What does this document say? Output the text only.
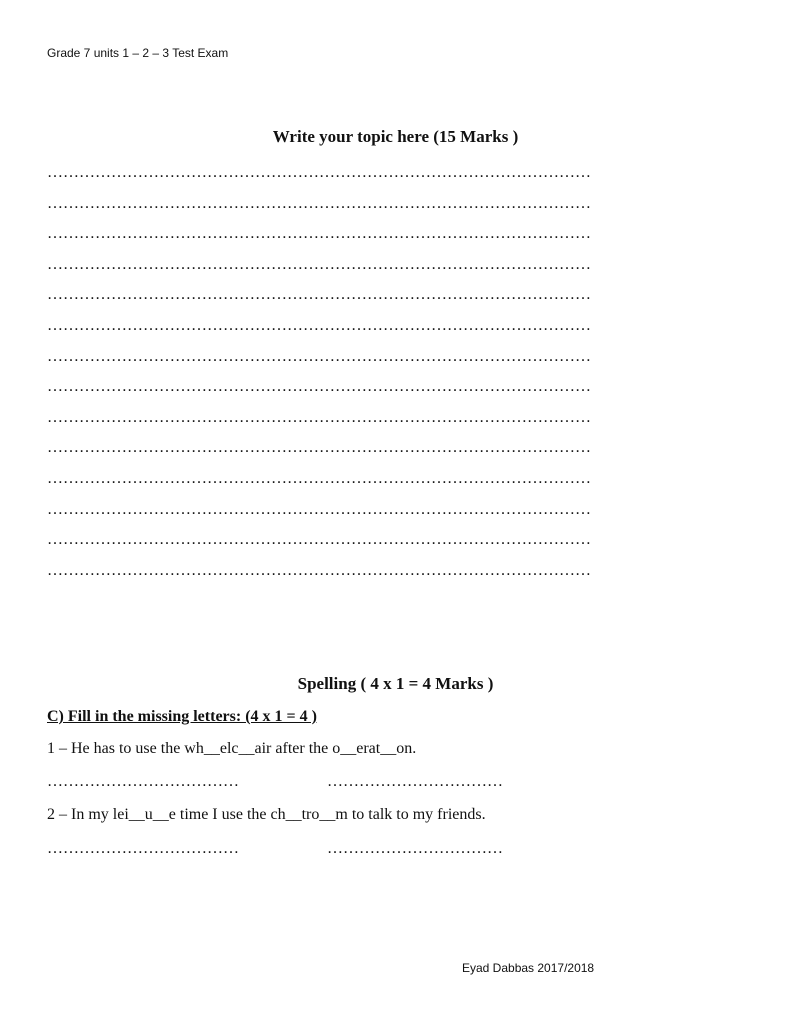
Grade 7 units 1 – 2 – 3 Test Exam
Write your topic here (15 Marks )
…………………………………………………………………………………………
…………………………………………………………………………………………
…………………………………………………………………………………………
…………………………………………………………………………………………
…………………………………………………………………………………………
…………………………………………………………………………………………
…………………………………………………………………………………………
…………………………………………………………………………………………
…………………………………………………………………………………………
…………………………………………………………………………………………
…………………………………………………………………………………………
…………………………………………………………………………………………
…………………………………………………………………………………………
…………………………………………………………………………………………
Spelling ( 4 x 1 = 4 Marks )
C) Fill in the missing letters: (4 x 1 = 4 )
1 – He has to use the wh__elc__air after the o__erat__on.
………………………………	……………………………
2 – In my lei__u__e time I use the ch__tro__m to talk to my friends.
………………………………	……………………………
Eyad Dabbas 2017/2018
